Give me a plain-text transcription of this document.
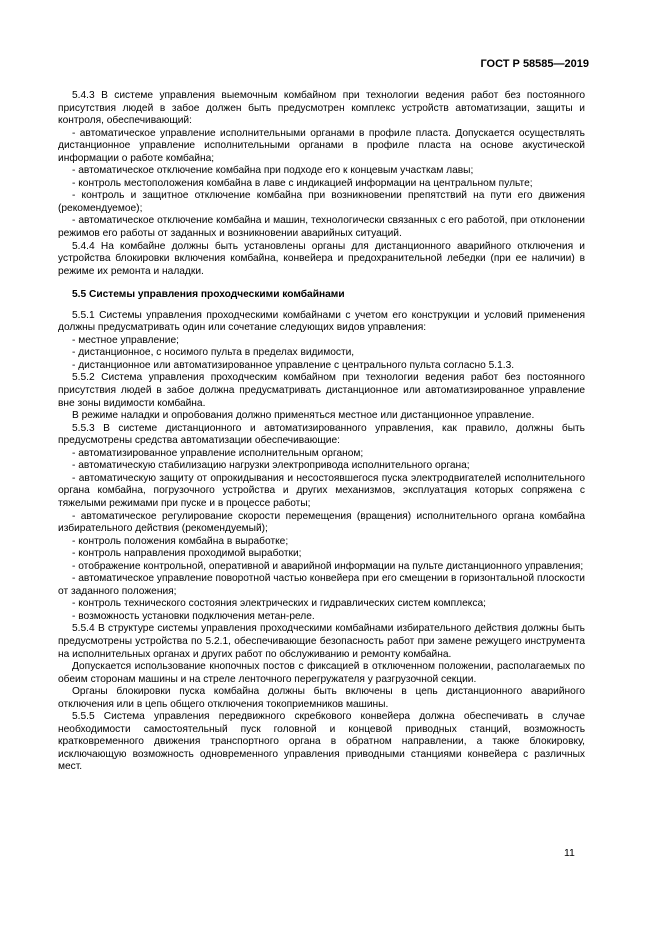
ГОСТ Р 58585—2019

5.4.3 В системе управления выемочным комбайном при технологии ведения работ без постоянного присутствия людей в забое должен быть предусмотрен комплекс устройств автоматизации, защиты и контроля, обеспечивающий:

- автоматическое управление исполнительными органами в профиле пласта. Допускается осуществлять дистанционное управление исполнительными органами в профиле пласта на основе акустической информации о работе комбайна;

- автоматическое отключение комбайна при подходе его к концевым участкам лавы;

- контроль местоположения комбайна в лаве с индикацией информации на центральном пульте;

- контроль и защитное отключение комбайна при возникновении препятствий на пути его движения (рекомендуемое);

- автоматическое отключение комбайна и машин, технологически связанных с его работой, при отклонении режимов его работы от заданных и возникновении аварийных ситуаций.

5.4.4 На комбайне должны быть установлены органы для дистанционного аварийного отключения и устройства блокировки включения комбайна, конвейера и предохранительной лебедки (при ее наличии) в режиме их ремонта и наладки.

5.5 Системы управления проходческими комбайнами

5.5.1 Системы управления проходческими комбайнами с учетом его конструкции и условий применения должны предусматривать один или сочетание следующих видов управления:

- местное управление;

- дистанционное, с носимого пульта в пределах видимости,

- дистанционное или автоматизированное управление с центрального пульта согласно 5.1.3.

5.5.2 Система управления проходческим комбайном при технологии ведения работ без постоянного присутствия людей в забое должна предусматривать дистанционное или автоматизированное управление вне зоны видимости комбайна.

В режиме наладки и опробования должно применяться местное или дистанционное управление.

5.5.3 В системе дистанционного и автоматизированного управления, как правило, должны быть предусмотрены средства автоматизации обеспечивающие:

- автоматизированное управление исполнительным органом;

- автоматическую стабилизацию нагрузки электропривода исполнительного органа;

- автоматическую защиту от опрокидывания и несостоявшегося пуска электродвигателей исполнительного органа комбайна, погрузочного устройства и других механизмов, эксплуатация которых сопряжена с тяжелыми режимами при пуске и в процессе работы;

- автоматическое регулирование скорости перемещения (вращения) исполнительного органа комбайна избирательного действия (рекомендуемый);

- контроль положения комбайна в выработке;

- контроль направления проходимой выработки;

- отображение контрольной, оперативной и аварийной информации на пульте дистанционного управления;

- автоматическое управление поворотной частью конвейера при его смещении в горизонтальной плоскости от заданного положения;

- контроль технического состояния электрических и гидравлических систем комплекса;

- возможность установки подключения метан-реле.

5.5.4 В структуре системы управления проходческими комбайнами избирательного действия должны быть предусмотрены устройства по 5.2.1, обеспечивающие безопасность работ при замене режущего инструмента на исполнительных органах и других работ по обслуживанию и ремонту комбайна.

Допускается использование кнопочных постов с фиксацией в отключенном положении, располагаемых по обеим сторонам машины и на стреле ленточного перегружателя у разгрузочной секции.

Органы блокировки пуска комбайна должны быть включены в цепь дистанционного аварийного отключения или в цепь общего отключения токоприемников машины.

5.5.5 Система управления передвижного скребкового конвейера должна обеспечивать в случае необходимости самостоятельный пуск головной и концевой приводных станций, возможность кратковременного движения транспортного органа в обратном направлении, а также блокировку, исключающую возможность одновременного управления приводными станциями конвейера с различных мест.

11
